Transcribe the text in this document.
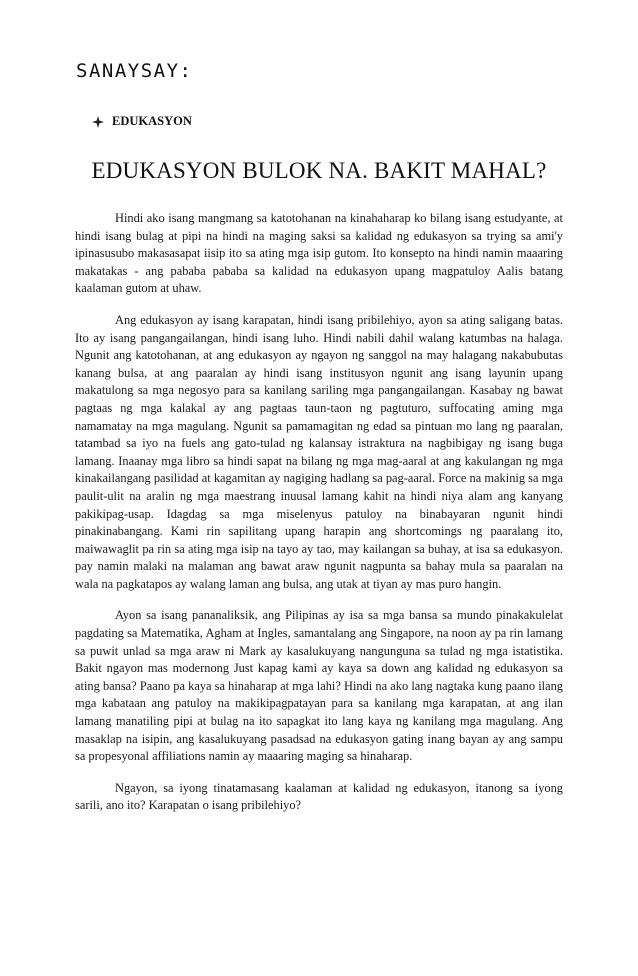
SANAYSAY:
EDUKASYON
EDUKASYON BULOK NA. BAKIT MAHAL?

Hindi ako isang mangmang sa katotohanan na kinahaharap ko bilang isang estudyante, at hindi isang bulag at pipi na hindi na maging saksi sa kalidad ng edukasyon sa trying sa ami'y ipinasusubo makasasapat iisip ito sa ating mga isip gutom. Ito konsepto na hindi namin maaaring makatakas - ang pababa pababa sa kalidad na edukasyon upang magpatuloy Aalis batang kaalaman gutom at uhaw.

Ang edukasyon ay isang karapatan, hindi isang pribilehiyo, ayon sa ating saligang batas. Ito ay isang pangangailangan, hindi isang luho. Hindi nabili dahil walang katumbas na halaga. Ngunit ang katotohanan, at ang edukasyon ay ngayon ng sanggol na may halagang nakabubutas kanang bulsa, at ang paaralan ay hindi isang institusyon ngunit ang isang layunin upang makatulong sa mga negosyo para sa kanilang sariling mga pangangailangan. Kasabay ng bawat pagtaas ng mga kalakal ay ang pagtaas taun-taon ng pagtuturo, suffocating aming mga namamatay na mga magulang. Ngunit sa pamamagitan ng edad sa pintuan mo lang ng paaralan, tatambad sa iyo na fuels ang gato-tulad ng kalansay istraktura na nagbibigay ng isang buga lamang. Inaanay mga libro sa hindi sapat na bilang ng mga mag-aaral at ang kakulangan ng mga kinakailangang pasilidad at kagamitan ay nagiging hadlang sa pag-aaral. Force na makinig sa mga paulit-ulit na aralin ng mga maestrang inuusal lamang kahit na hindi niya alam ang kanyang pakikipag-usap. Idagdag sa mga miselenyus patuloy na binabayaran ngunit hindi pinakinabangang. Kami rin sapilitang upang harapin ang shortcomings ng paaralang ito, maiwawaglit pa rin sa ating mga isip na tayo ay tao, may kailangan sa buhay, at isa sa edukasyon. pay namin malaki na malaman ang bawat araw ngunit nagpunta sa bahay mula sa paaralan na wala na pagkatapos ay walang laman ang bulsa, ang utak at tiyan ay mas puro hangin.

Ayon sa isang pananaliksik, ang Pilipinas ay isa sa mga bansa sa mundo pinakakulelat pagdating sa Matematika, Agham at Ingles, samantalang ang Singapore, na noon ay pa rin lamang sa puwit unlad sa mga araw ni Mark ay kasalukuyang nangunguna sa tulad ng mga istatistika. Bakit ngayon mas modernong Just kapag kami ay kaya sa down ang kalidad ng edukasyon sa ating bansa? Paano pa kaya sa hinaharap at mga lahi? Hindi na ako lang nagtaka kung paano ilang mga kabataan ang patuloy na makikipagpatayan para sa kanilang mga karapatan, at ang ilan lamang manatiling pipi at bulag na ito sapagkat ito lang kaya ng kanilang mga magulang. Ang masaklap na isipin, ang kasalukuyang pasadsad na edukasyon gating inang bayan ay ang sampu sa propesyonal affiliations namin ay maaaring maging sa hinaharap.

Ngayon, sa iyong tinatamasang kaalaman at kalidad ng edukasyon, itanong sa iyong sarili, ano ito? Karapatan o isang pribilehiyo?
